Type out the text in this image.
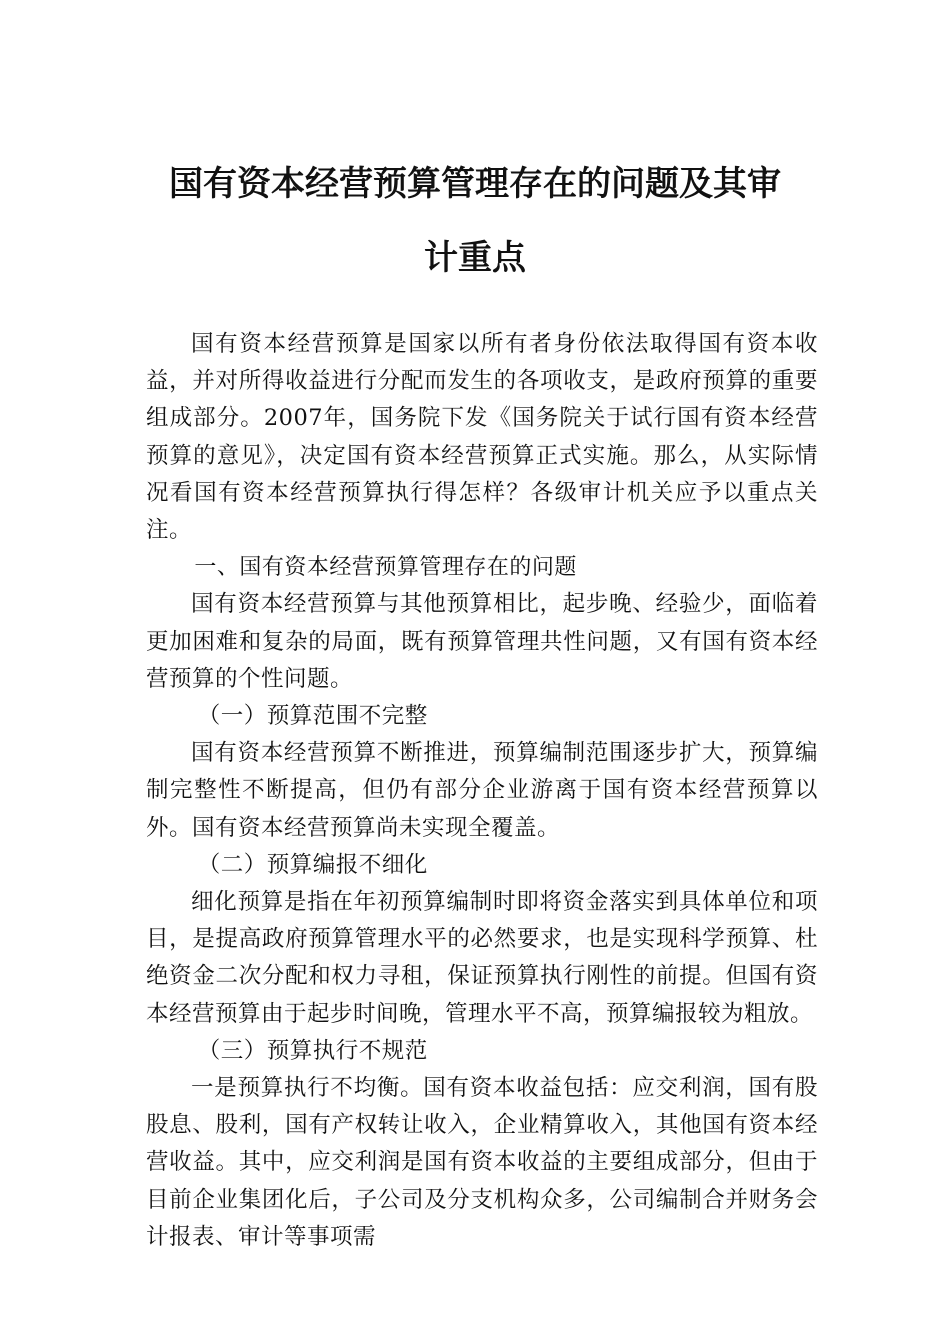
国有资本经营预算管理存在的问题及其审
计重点

国有资本经营预算是国家以所有者身份依法取得国有资本收益，并对所得收益进行分配而发生的各项收支，是政府预算的重要组成部分。2007年，国务院下发《国务院关于试行国有资本经营预算的意见》，决定国有资本经营预算正式实施。那么，从实际情况看国有资本经营预算执行得怎样？各级审计机关应予以重点关注。

一、国有资本经营预算管理存在的问题

国有资本经营预算与其他预算相比，起步晚、经验少，面临着更加困难和复杂的局面，既有预算管理共性问题，又有国有资本经营预算的个性问题。

（一）预算范围不完整

国有资本经营预算不断推进，预算编制范围逐步扩大，预算编制完整性不断提高，但仍有部分企业游离于国有资本经营预算以外。国有资本经营预算尚未实现全覆盖。

（二）预算编报不细化

细化预算是指在年初预算编制时即将资金落实到具体单位和项目，是提高政府预算管理水平的必然要求，也是实现科学预算、杜绝资金二次分配和权力寻租，保证预算执行刚性的前提。但国有资本经营预算由于起步时间晚，管理水平不高，预算编报较为粗放。

（三）预算执行不规范

一是预算执行不均衡。国有资本收益包括：应交利润，国有股股息、股利，国有产权转让收入，企业精算收入，其他国有资本经营收益。其中，应交利润是国有资本收益的主要组成部分，但由于目前企业集团化后，子公司及分支机构众多，公司编制合并财务会计报表、审计等事项需
